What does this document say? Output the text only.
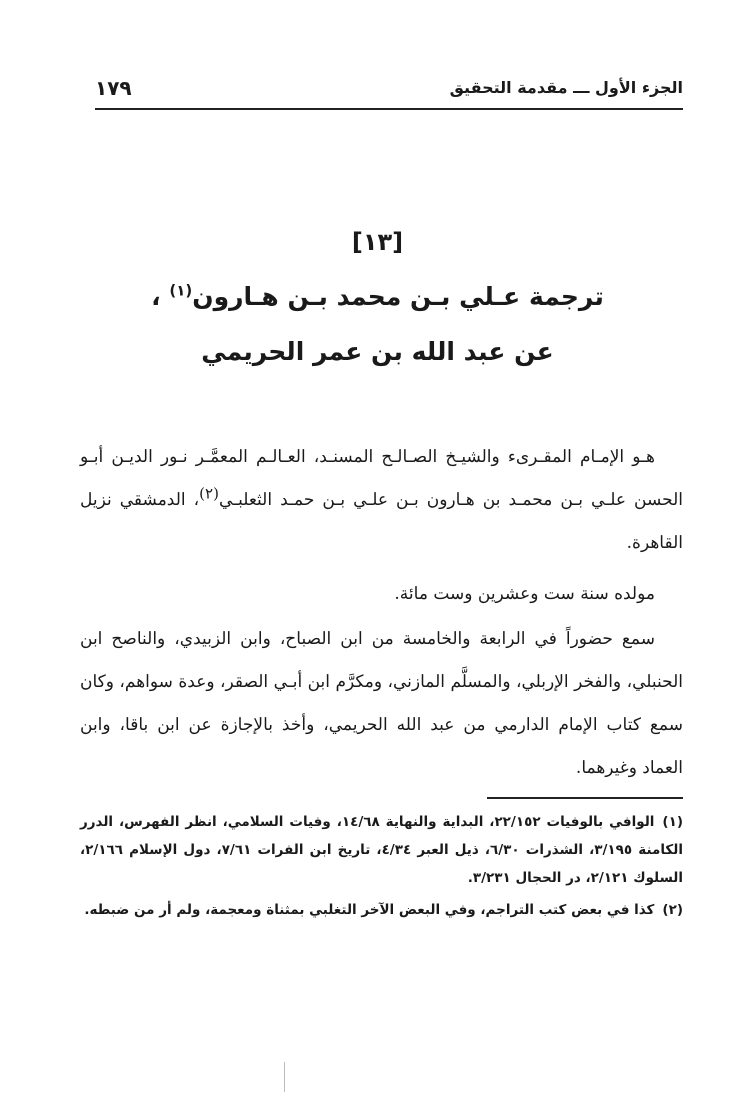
الجزء الأول ـــ مقدمة التحقيق
١٧٩
[١٣]
ترجمة عـلي بـن محمد بـن هـارون$^{(١)}$ ،
عن عبد الله بن عمر الحريمي

هـو الإمـام المقـرىء والشيـخ الصـالـح المسنـد، العـالـم المعمَّـر نـور الديـن أبـو الحسن علـي بـن محمـد بن هـارون بـن علـي بـن حمـد الثعلبـي$^{(٢)}$، الدمشقي نزيل القاهرة.

مولده سنة ست وعشرين وست مائة.

سمع حضوراً في الرابعة والخامسة من ابن الصباح، وابن الزبيدي، والناصح ابن الحنبلي، والفخر الإربلي، والمسلَّم المازني، ومكرَّم ابن أبـي الصقر، وعدة سواهم، وكان سمع كتاب الإمام الدارمي من عبد الله الحريمي، وأخذ بالإجازة عن ابن باقا، وابن العماد وغيرهما.

(١)الوافي بالوفيات ٢٢/١٥٢، البداية والنهاية ١٤/٦٨، وفيات السلامي، انظر الفهرس، الدرر الكامنة ٣/١٩٥، الشذرات ٦/٣٠، ذيل العبر ٤/٣٤، تاريخ ابن الفرات ٧/٦١، دول الإسلام ٢/١٦٦، السلوك ٢/١٢١، در الحجال ٣/٢٣١.

(٢)كذا في بعض كتب التراجم، وفي البعض الآخر التغلبي بمثناة ومعجمة، ولم أر من ضبطه.
